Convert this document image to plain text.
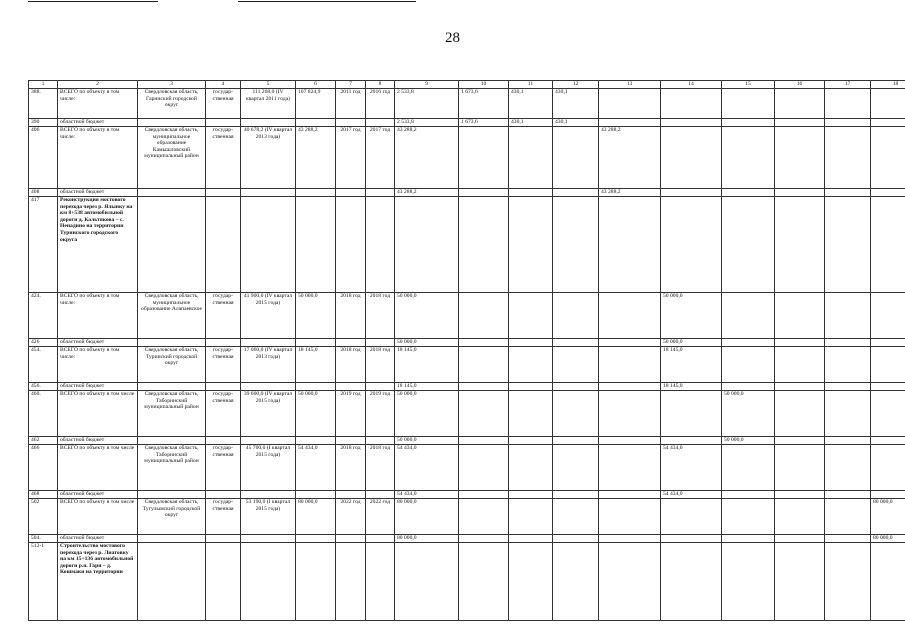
28
1	2	3	4	5	6	7	8	9	10	11	12	13	14	15	16	17	18
388.	ВСЕГО по объекту в том числе:	Свердловская область, Гаринский городской округ	государ-ственная	111 268,0 (IV квартал 2011 года)	107 824,9	2011 год	2016 год	2 533,8	1 673,6	430,1	430,1						
390	областной бюджет							2 533,8	1 673,6	430,1	430,1						
406	ВСЕГО по объекту в том числе:	Свердловская область, муниципальное образование Камышловский муниципальный район	государ-ственная	40 678,2 (IV квартал 2013 года)	43 288,2	2017 год	2017 год	43 288,2				43 288,2					
408	областной бюджет							43 288,2				43 288,2					
417	Реконструкция мостового перехода через р. Ялынку на км 8+538 автомобильной дороги д. Кальтякова – с. Ненадино на территории Туринского городского округа																
424.	ВСЕГО по объекту в том числе:	Свердловская область, муниципальное образование Алапаевское	государ-ственная	41 900,0 (IV квартал 2015 года)	50 000,0	2018 год	2018 год	50 000,0					50 000,0				
426	областной бюджет							50 000,0					50 000,0				
454.	ВСЕГО по объекту в том числе:	Свердловская область, Туринский городской округ	государ-ственная	17 060,0 (IV квартал 2013 года)	18 145,0	2018 год	2018 год	18 145,0					18 145,0				
456.	областной бюджет							18 145,0					18 145,0				
460.	ВСЕГО по объекту в том числе	Свердловская область, Таборинский муниципальный район	государ-ственная	39 600,0 (IV квартал 2015 года)	50 000,0	2019 год	2019 год	50 000,0						50 000,0			
462	областной бюджет							50 000,0						50 000,0			
466	ВСЕГО по объекту в том числе	Свердловская область, Таборинский муниципальный район	государ-ственная	45 700,0 (I квартал 2015 года)	54 434,0	2018 год	2018 год	54 434,0					54 434,0				
468	областной бюджет							54 434,0					54 434,0				
502	ВСЕГО по объекту в том числе	Свердловская область, Тугулымский городской округ	государ-ственная	53 190,0 (I квартал 2015 года)	80 000,0	2022 год	2022 год	80 000,0									80 000,0
504.	областной бюджет							80 000,0									80 000,0
512-1	Строительство мостового перехода через р. Лиатовку на км 15+136 автомобильной дороги р.п. Гари – д. Кошмаки на территории																
